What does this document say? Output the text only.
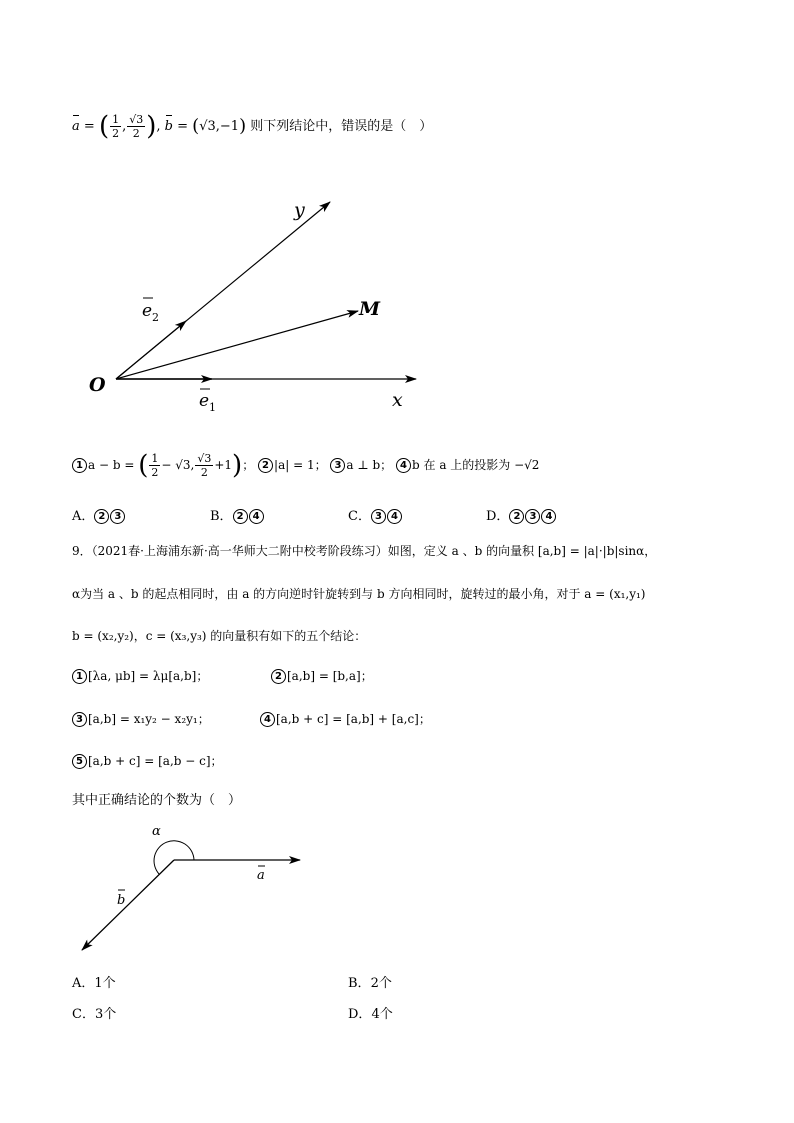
a = ( $\frac{1}{2}$ , $\frac{√3}{2}$ ), b = (√3,−1) 则下列结论中，错误的是（　）
y
M
O
x
e 2
e 1
1 a − b = ( $\frac{1}{2} - √3$, $\frac{√3}{2} +1$)； 2 |a| = 1； 3 a ⊥ b； 4 b 在 a 上的投影为 −√2
A． 2 3	B． 2 4	C． 3 4	D． 2 3 4
9．（2021春·上海浦东新·高一华师大二附中校考阶段练习）如图，定义 a 、b 的向量积 [a,b] = |a|·|b|sinα，
α为当 a 、b 的起点相同时，由 a 的方向逆时针旋转到与 b 方向相同时，旋转过的最小角，对于 a = (x₁,y₁)
b = (x₂,y₂)，c = (x₃,y₃) 的向量积有如下的五个结论：
1 [λa, μb] = λμ[a,b]；	2 [a,b] = [b,a]；
3 [a,b] = x₁y₂ − x₂y₁；	4 [a,b + c] = [a,b] + [a,c]；
5 [a,b + c] = [a,b − c]；
其中正确结论的个数为（　）
α
a
b
A．1个	B．2个
C．3个	D．4个
